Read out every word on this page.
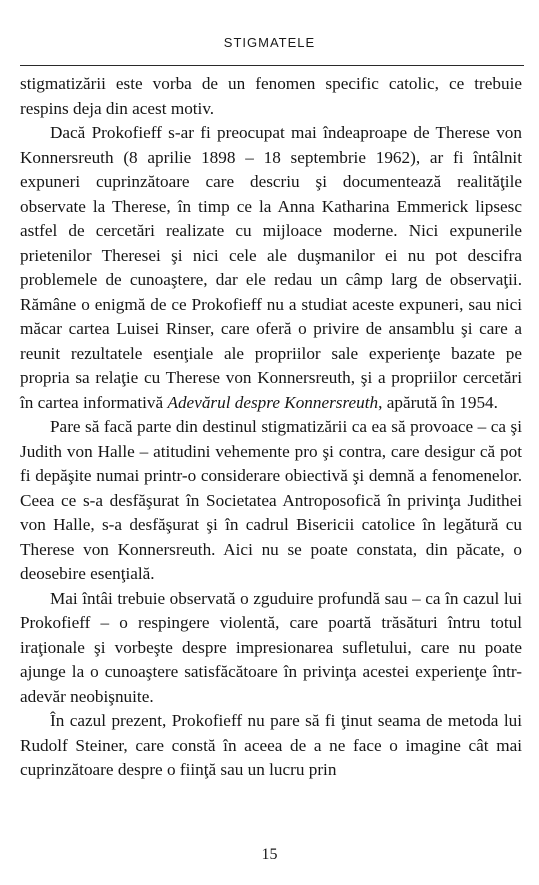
STIGMATELE

stigmatizării este vorba de un fenomen specific catolic, ce trebuie respins deja din acest motiv.

Dacă Prokofieff s-ar fi preocupat mai îndeaproape de Therese von Konnersreuth (8 aprilie 1898 – 18 septembrie 1962), ar fi întâlnit expuneri cuprinzătoare care descriu şi documentează realităţile observate la Therese, în timp ce la Anna Katharina Emmerick lipsesc astfel de cercetări realizate cu mijloace moderne. Nici expunerile prietenilor Theresei şi nici cele ale duşmanilor ei nu pot descifra problemele de cunoaştere, dar ele redau un câmp larg de observaţii. Rămâne o enigmă de ce Prokofieff nu a studiat aceste expuneri, sau nici măcar cartea Luisei Rinser, care oferă o privire de ansamblu şi care a reunit rezultatele esenţiale ale propriilor sale experienţe bazate pe propria sa relaţie cu Therese von Konnersreuth, şi a propriilor cercetări în cartea informativă Adevărul despre Konnersreuth, apărută în 1954.

Pare să facă parte din destinul stigmatizării ca ea să provoace – ca şi Judith von Halle – atitudini vehemente pro şi contra, care desigur că pot fi depăşite numai printr-o considerare obiectivă şi demnă a fenomenelor. Ceea ce s-a desfăşurat în Societatea Antroposofică în privinţa Judithei von Halle, s-a desfăşurat şi în cadrul Bisericii catolice în legătură cu Therese von Konnersreuth. Aici nu se poate constata, din păcate, o deosebire esenţială.

Mai întâi trebuie observată o zguduire profundă sau – ca în cazul lui Prokofieff – o respingere violentă, care poartă trăsături întru totul iraţionale şi vorbeşte despre impresionarea sufletului, care nu poate ajunge la o cunoaştere satisfăcătoare în privinţa acestei experienţe într-adevăr neobişnuite.

În cazul prezent, Prokofieff nu pare să fi ţinut seama de metoda lui Rudolf Steiner, care constă în aceea de a ne face o imagine cât mai cuprinzătoare despre o fiinţă sau un lucru prin

15
